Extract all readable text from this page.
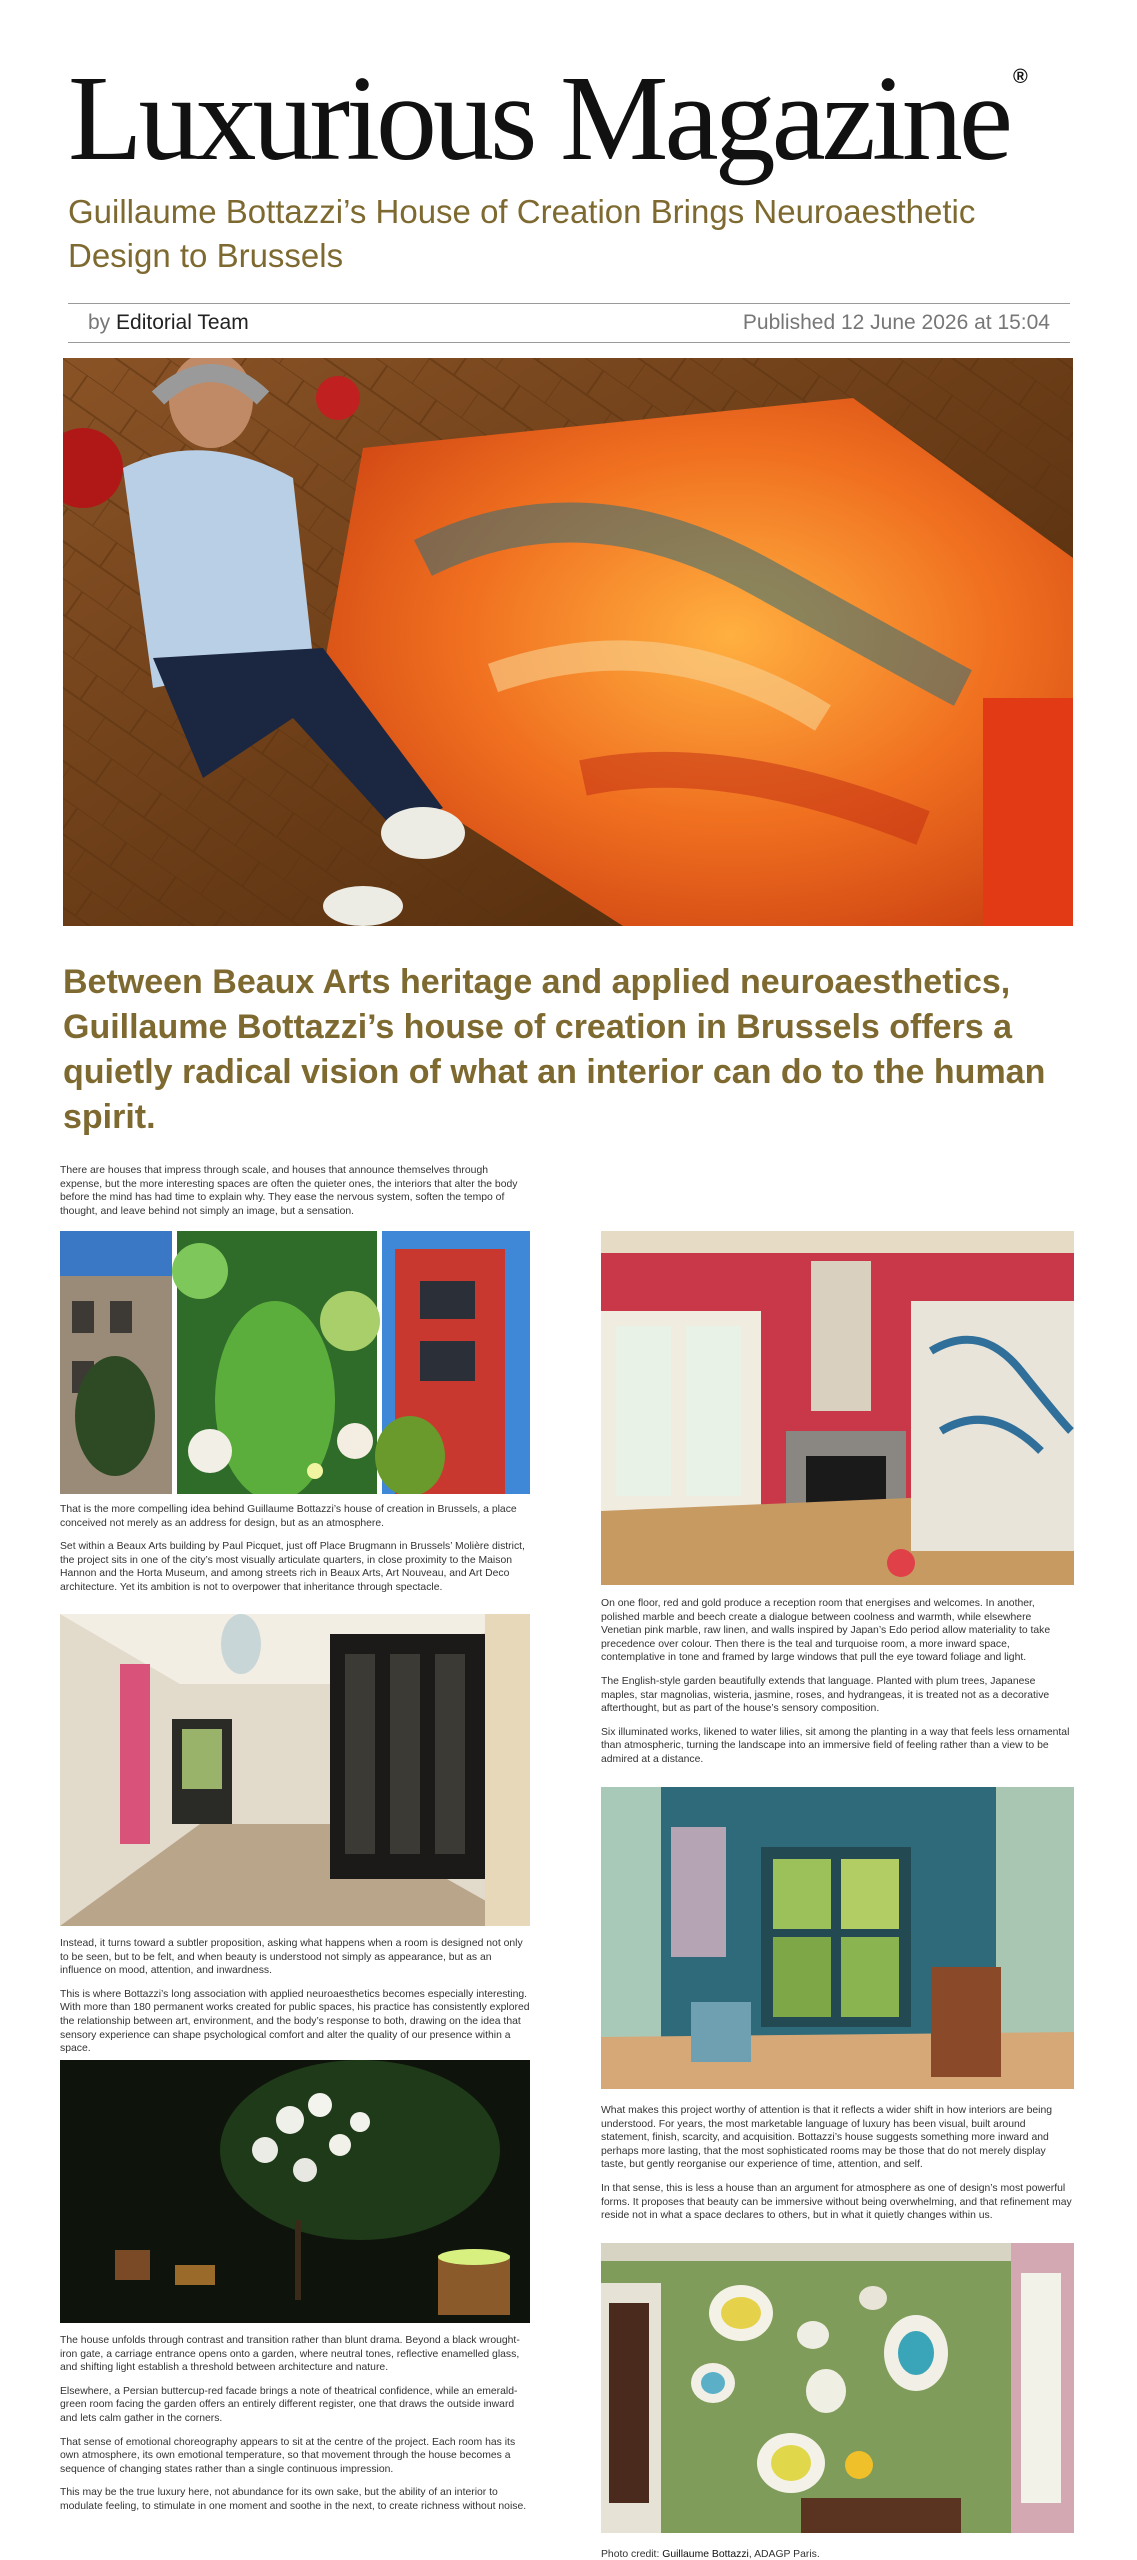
Luxurious Magazine ®
Guillaume Bottazzi’s House of Creation Brings Neuroaesthetic Design to Brussels
by Editorial Team	Published 12 June 2026 at 15:04
Between Beaux Arts heritage and applied neuroaesthetics, Guillaume Bottazzi’s house of creation in Brussels offers a quietly radical vision of what an interior can do to the human spirit.

There are houses that impress through scale, and houses that announce themselves through expense, but the more interesting spaces are often the quieter ones, the interiors that alter the body before the mind has had time to explain why. They ease the nervous system, soften the tempo of thought, and leave behind not simply an image, but a sensation.

That is the more compelling idea behind Guillaume Bottazzi’s house of creation in Brussels, a place conceived not merely as an address for design, but as an atmosphere.

Set within a Beaux Arts building by Paul Picquet, just off Place Brugmann in Brussels’ Molière district, the project sits in one of the city’s most visually articulate quarters, in close proximity to the Maison Hannon and the Horta Museum, and among streets rich in Beaux Arts, Art Nouveau, and Art Deco architecture. Yet its ambition is not to overpower that inheritance through spectacle.

Instead, it turns toward a subtler proposition, asking what happens when a room is designed not only to be seen, but to be felt, and when beauty is understood not simply as appearance, but as an influence on mood, attention, and inwardness.

This is where Bottazzi’s long association with applied neuroaesthetics becomes especially interesting. With more than 180 permanent works created for public spaces, his practice has consistently explored the relationship between art, environment, and the body’s response to both, drawing on the idea that sensory experience can shape psychological comfort and alter the quality of our presence within a space.

The house unfolds through contrast and transition rather than blunt drama. Beyond a black wrought-iron gate, a carriage entrance opens onto a garden, where neutral tones, reflective enamelled glass, and shifting light establish a threshold between architecture and nature.

Elsewhere, a Persian buttercup-red facade brings a note of theatrical confidence, while an emerald-green room facing the garden offers an entirely different register, one that draws the outside inward and lets calm gather in the corners.

That sense of emotional choreography appears to sit at the centre of the project. Each room has its own atmosphere, its own emotional temperature, so that movement through the house becomes a sequence of changing states rather than a single continuous impression.

This may be the true luxury here, not abundance for its own sake, but the ability of an interior to modulate feeling, to stimulate in one moment and soothe in the next, to create richness without noise.

On one floor, red and gold produce a reception room that energises and welcomes. In another, polished marble and beech create a dialogue between coolness and warmth, while elsewhere Venetian pink marble, raw linen, and walls inspired by Japan’s Edo period allow materiality to take precedence over colour. Then there is the teal and turquoise room, a more inward space, contemplative in tone and framed by large windows that pull the eye toward foliage and light.

The English-style garden beautifully extends that language. Planted with plum trees, Japanese maples, star magnolias, wisteria, jasmine, roses, and hydrangeas, it is treated not as a decorative afterthought, but as part of the house’s sensory composition.

Six illuminated works, likened to water lilies, sit among the planting in a way that feels less ornamental than atmospheric, turning the landscape into an immersive field of feeling rather than a view to be admired at a distance.

What makes this project worthy of attention is that it reflects a wider shift in how interiors are being understood. For years, the most marketable language of luxury has been visual, built around statement, finish, scarcity, and acquisition. Bottazzi’s house suggests something more inward and perhaps more lasting, that the most sophisticated rooms may be those that do not merely display taste, but gently reorganise our experience of time, attention, and self.

In that sense, this is less a house than an argument for atmosphere as one of design’s most powerful forms. It proposes that beauty can be immersive without being overwhelming, and that refinement may reside not in what a space declares to others, but in what it quietly changes within us.

Photo credit: Guillaume Bottazzi, ADAGP Paris.
